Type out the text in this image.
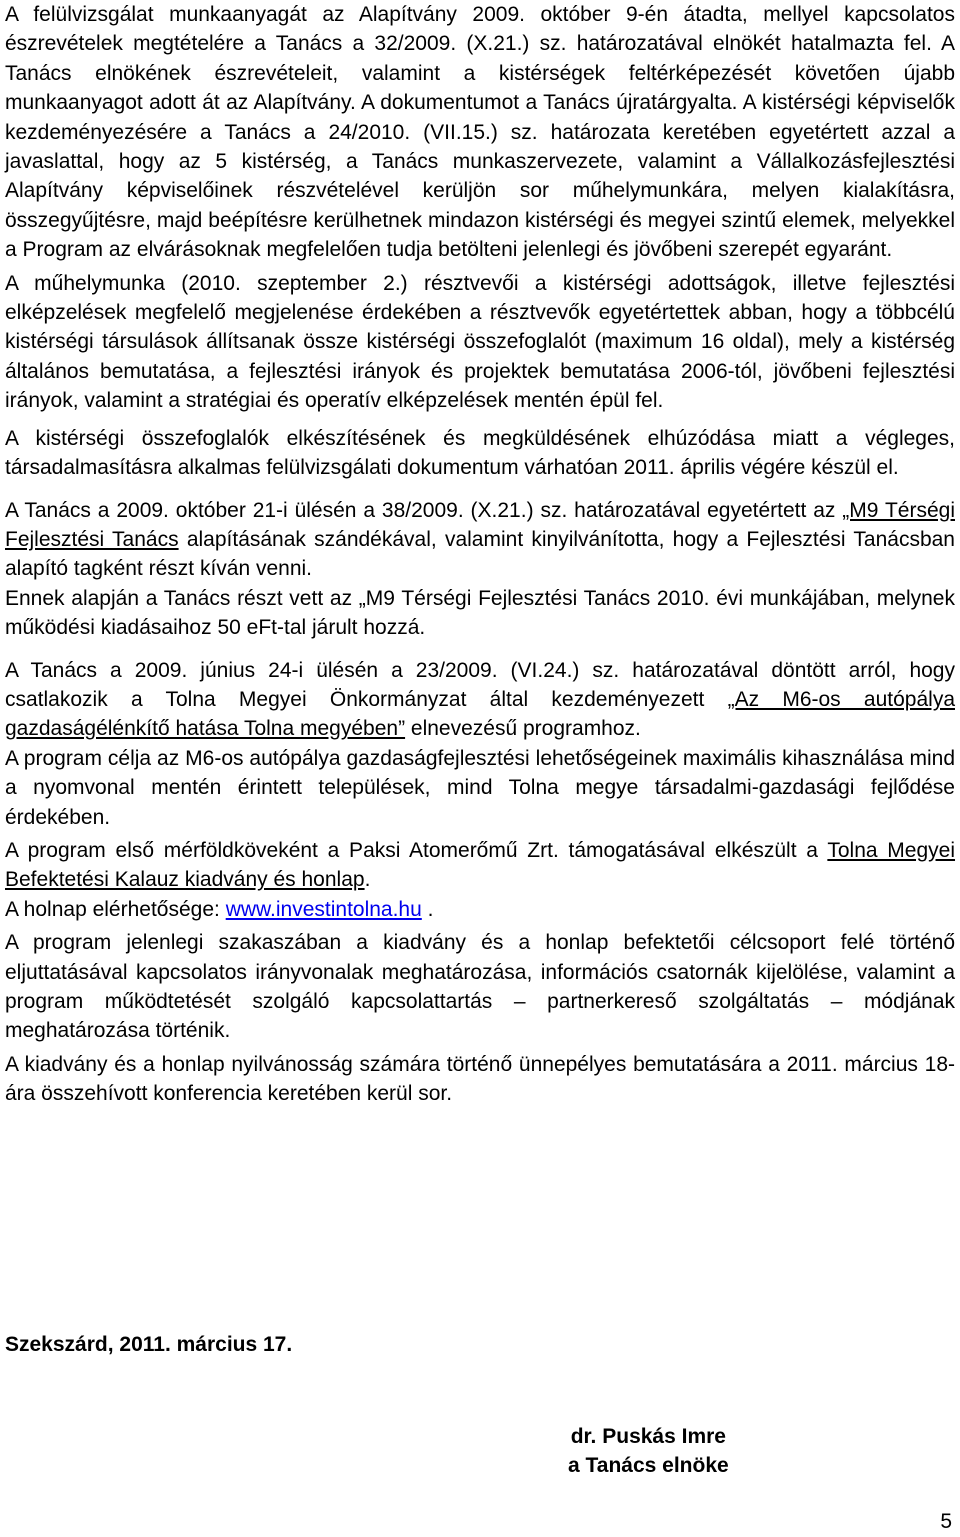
A felülvizsgálat munkaanyagát az Alapítvány 2009. október 9-én átadta, mellyel kapcsolatos észrevételek megtételére a Tanács a 32/2009. (X.21.) sz. határozatával elnökét hatalmazta fel. A Tanács elnökének észrevételeit, valamint a kistérségek feltérképezését követően újabb munkaanyagot adott át az Alapítvány. A dokumentumot a Tanács újratárgyalta. A kistérségi képviselők kezdeményezésére a Tanács a 24/2010. (VII.15.) sz. határozata keretében egyetértett azzal a javaslattal, hogy az 5 kistérség, a Tanács munkaszervezete, valamint a Vállalkozásfejlesztési Alapítvány képviselőinek részvételével kerüljön sor műhelymunkára, melyen kialakításra, összegyűjtésre, majd beépítésre kerülhetnek mindazon kistérségi és megyei szintű elemek, melyekkel a Program az elvárásoknak megfelelően tudja betölteni jelenlegi és jövőbeni szerepét egyaránt.

A műhelymunka (2010. szeptember 2.) résztvevői a kistérségi adottságok, illetve fejlesztési elképzelések megfelelő megjelenése érdekében a résztvevők egyetértettek abban, hogy a többcélú kistérségi társulások állítsanak össze kistérségi összefoglalót (maximum 16 oldal), mely a kistérség általános bemutatása, a fejlesztési irányok és projektek bemutatása 2006-tól, jövőbeni fejlesztési irányok, valamint a stratégiai és operatív elképzelések mentén épül fel.

A kistérségi összefoglalók elkészítésének és megküldésének elhúzódása miatt a végleges, társadalmasításra alkalmas felülvizsgálati dokumentum várhatóan 2011. április végére készül el.

A Tanács a 2009. október 21-i ülésén a 38/2009. (X.21.) sz. határozatával egyetértett az „M9 Térségi Fejlesztési Tanács alapításának szándékával, valamint kinyilvánította, hogy a Fejlesztési Tanácsban alapító tagként részt kíván venni.

Ennek alapján a Tanács részt vett az „M9 Térségi Fejlesztési Tanács 2010. évi munkájában, melynek működési kiadásaihoz 50 eFt-tal járult hozzá.

A Tanács a 2009. június 24-i ülésén a 23/2009. (VI.24.) sz. határozatával döntött arról, hogy csatlakozik a Tolna Megyei Önkormányzat által kezdeményezett „Az M6-os autópálya gazdaságélénkítő hatása Tolna megyében” elnevezésű programhoz.

A program célja az M6-os autópálya gazdaságfejlesztési lehetőségeinek maximális kihasználása mind a nyomvonal mentén érintett települések, mind Tolna megye társadalmi-gazdasági fejlődése érdekében.

A program első mérföldköveként a Paksi Atomerőmű Zrt. támogatásával elkészült a Tolna Megyei Befektetési Kalauz kiadvány és honlap.

A holnap elérhetősége: www.investintolna.hu .

A program jelenlegi szakaszában a kiadvány és a honlap befektetői célcsoport felé történő eljuttatásával kapcsolatos irányvonalak meghatározása, információs csatornák kijelölése, valamint a program működtetését szolgáló kapcsolattartás – partnerkereső szolgáltatás – módjának meghatározása történik.

A kiadvány és a honlap nyilvánosság számára történő ünnepélyes bemutatására a 2011. március 18-ára összehívott konferencia keretében kerül sor.

Szekszárd, 2011. március 17.

dr. Puskás Imre
a Tanács elnöke
5
